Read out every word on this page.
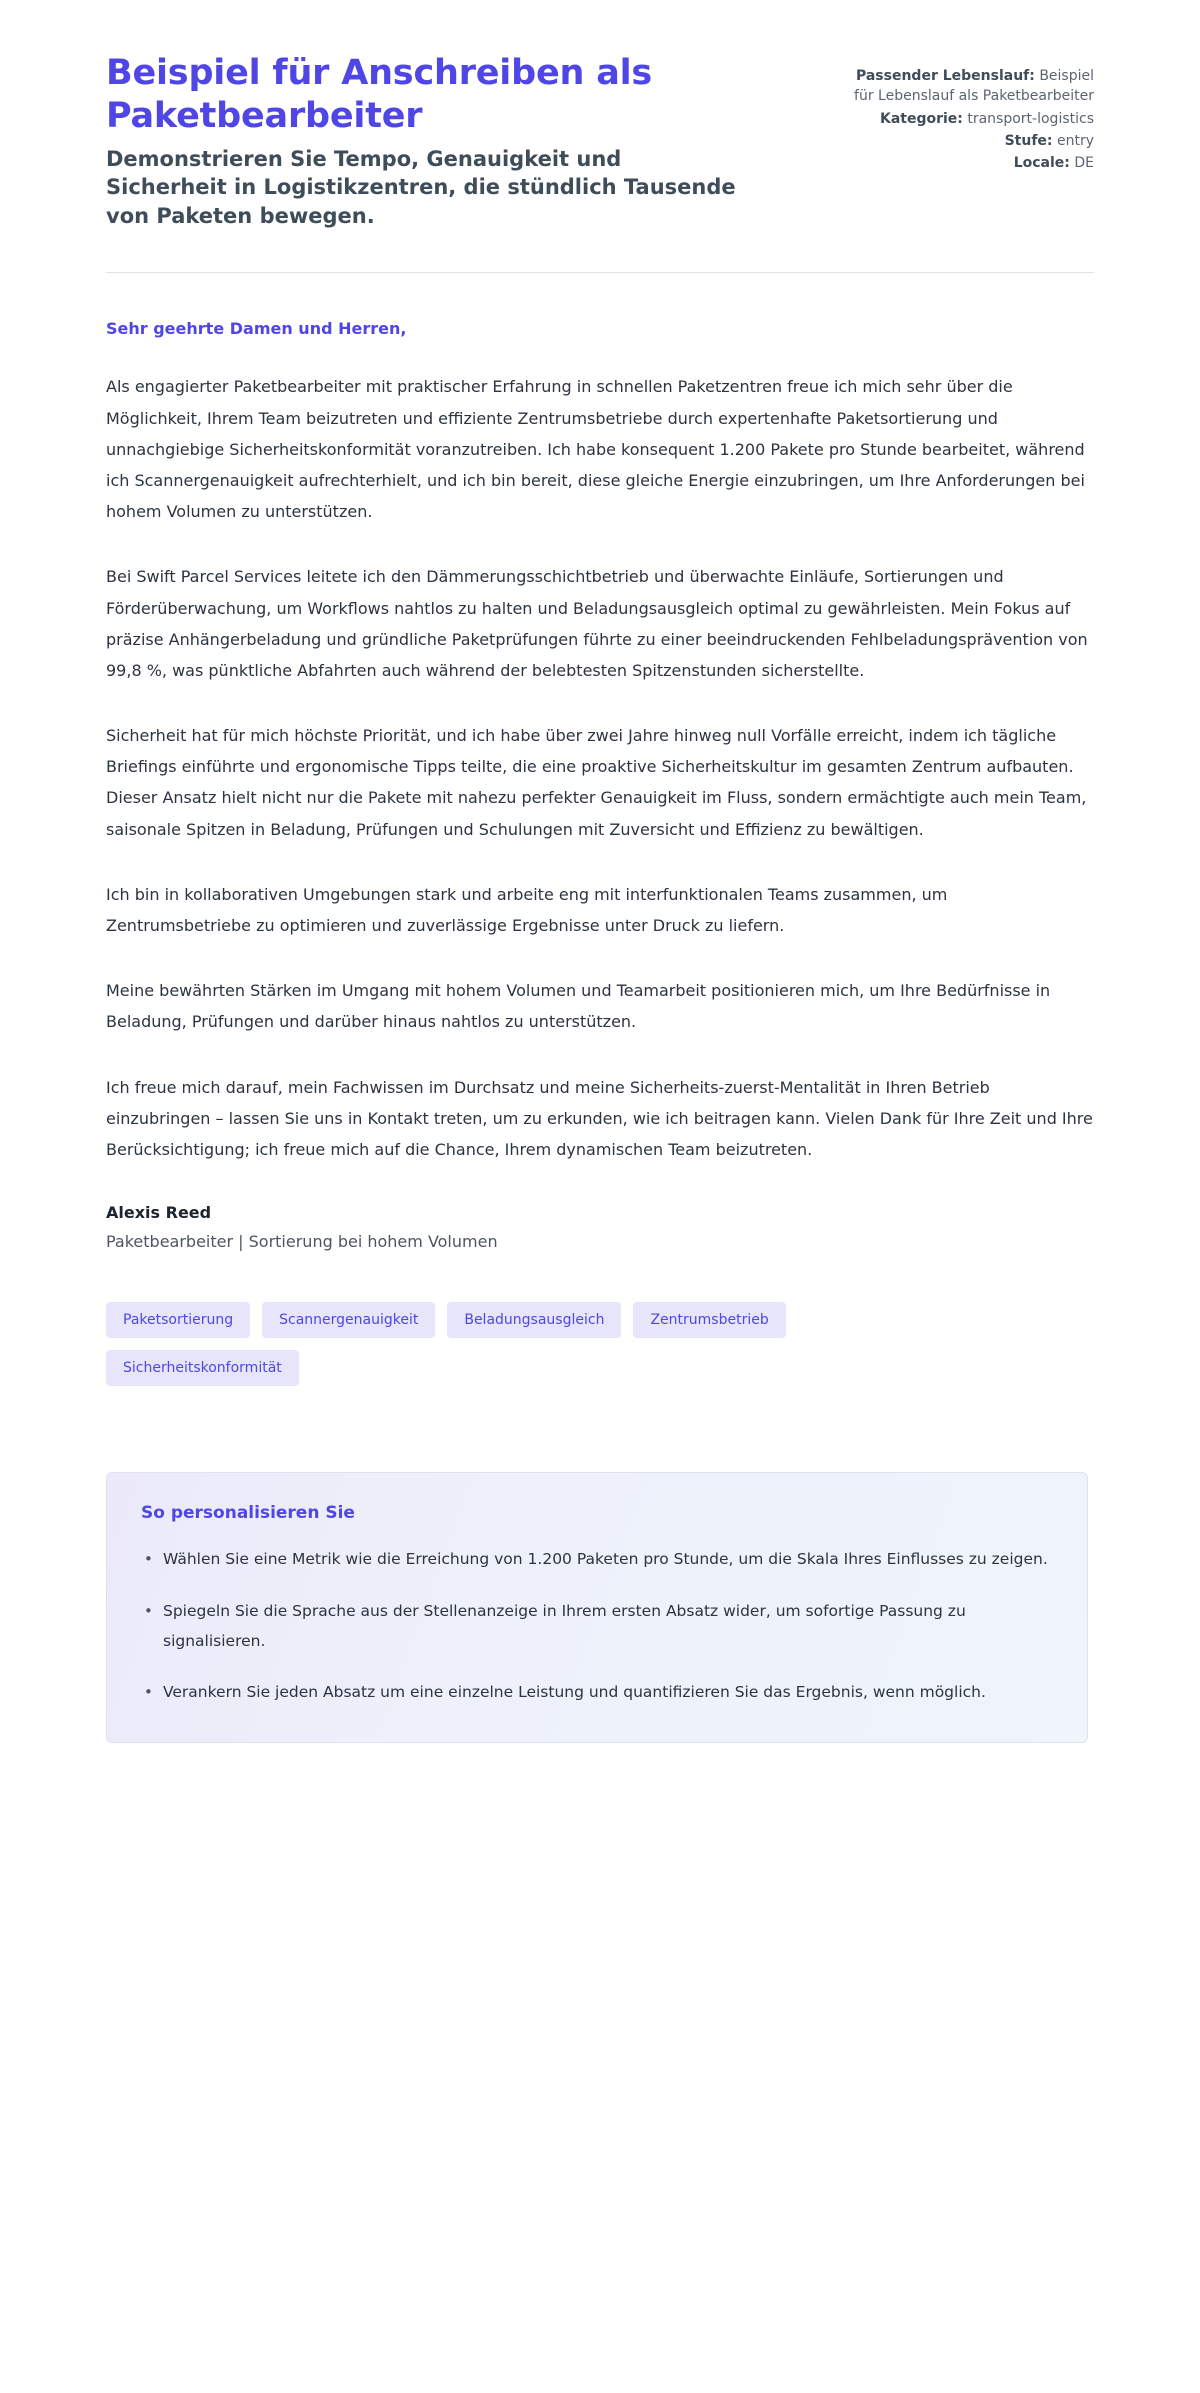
Beispiel für Anschreiben als Paketbearbeiter

Demonstrieren Sie Tempo, Genauigkeit und Sicherheit in Logistikzentren, die stündlich Tausende von Paketen bewegen.

Passender Lebenslauf: Beispiel für Lebenslauf als Paketbearbeiter
Kategorie: transport-logistics
Stufe: entry
Locale: DE

Sehr geehrte Damen und Herren,

Als engagierter Paketbearbeiter mit praktischer Erfahrung in schnellen Paketzentren freue ich mich sehr über die Möglichkeit, Ihrem Team beizutreten und effiziente Zentrumsbetriebe durch expertenhafte Paketsortierung und unnachgiebige Sicherheitskonformität voranzutreiben. Ich habe konsequent 1.200 Pakete pro Stunde bearbeitet, während ich Scannergenauigkeit aufrechterhielt, und ich bin bereit, diese gleiche Energie einzubringen, um Ihre Anforderungen bei hohem Volumen zu unterstützen.

Bei Swift Parcel Services leitete ich den Dämmerungsschichtbetrieb und überwachte Einläufe, Sortierungen und Förderüberwachung, um Workflows nahtlos zu halten und Beladungsausgleich optimal zu gewährleisten. Mein Fokus auf präzise Anhängerbeladung und gründliche Paketprüfungen führte zu einer beeindruckenden Fehlbeladungsprävention von 99,8 %, was pünktliche Abfahrten auch während der belebtesten Spitzenstunden sicherstellte.

Sicherheit hat für mich höchste Priorität, und ich habe über zwei Jahre hinweg null Vorfälle erreicht, indem ich tägliche Briefings einführte und ergonomische Tipps teilte, die eine proaktive Sicherheitskultur im gesamten Zentrum aufbauten. Dieser Ansatz hielt nicht nur die Pakete mit nahezu perfekter Genauigkeit im Fluss, sondern ermächtigte auch mein Team, saisonale Spitzen in Beladung, Prüfungen und Schulungen mit Zuversicht und Effizienz zu bewältigen.

Ich bin in kollaborativen Umgebungen stark und arbeite eng mit interfunktionalen Teams zusammen, um Zentrumsbetriebe zu optimieren und zuverlässige Ergebnisse unter Druck zu liefern.

Meine bewährten Stärken im Umgang mit hohem Volumen und Teamarbeit positionieren mich, um Ihre Bedürfnisse in Beladung, Prüfungen und darüber hinaus nahtlos zu unterstützen.

Ich freue mich darauf, mein Fachwissen im Durchsatz und meine Sicherheits-zuerst-Mentalität in Ihren Betrieb einzubringen – lassen Sie uns in Kontakt treten, um zu erkunden, wie ich beitragen kann. Vielen Dank für Ihre Zeit und Ihre Berücksichtigung; ich freue mich auf die Chance, Ihrem dynamischen Team beizutreten.

Alexis Reed

Paketbearbeiter | Sortierung bei hohem Volumen

Paketsortierung	Scannergenauigkeit	Beladungsausgleich	Zentrumsbetrieb
Sicherheitskonformität
So personalisieren Sie
• Wählen Sie eine Metrik wie die Erreichung von 1.200 Paketen pro Stunde, um die Skala Ihres Einflusses zu zeigen.
• Spiegeln Sie die Sprache aus der Stellenanzeige in Ihrem ersten Absatz wider, um sofortige Passung zu signalisieren.
• Verankern Sie jeden Absatz um eine einzelne Leistung und quantifizieren Sie das Ergebnis, wenn möglich.
